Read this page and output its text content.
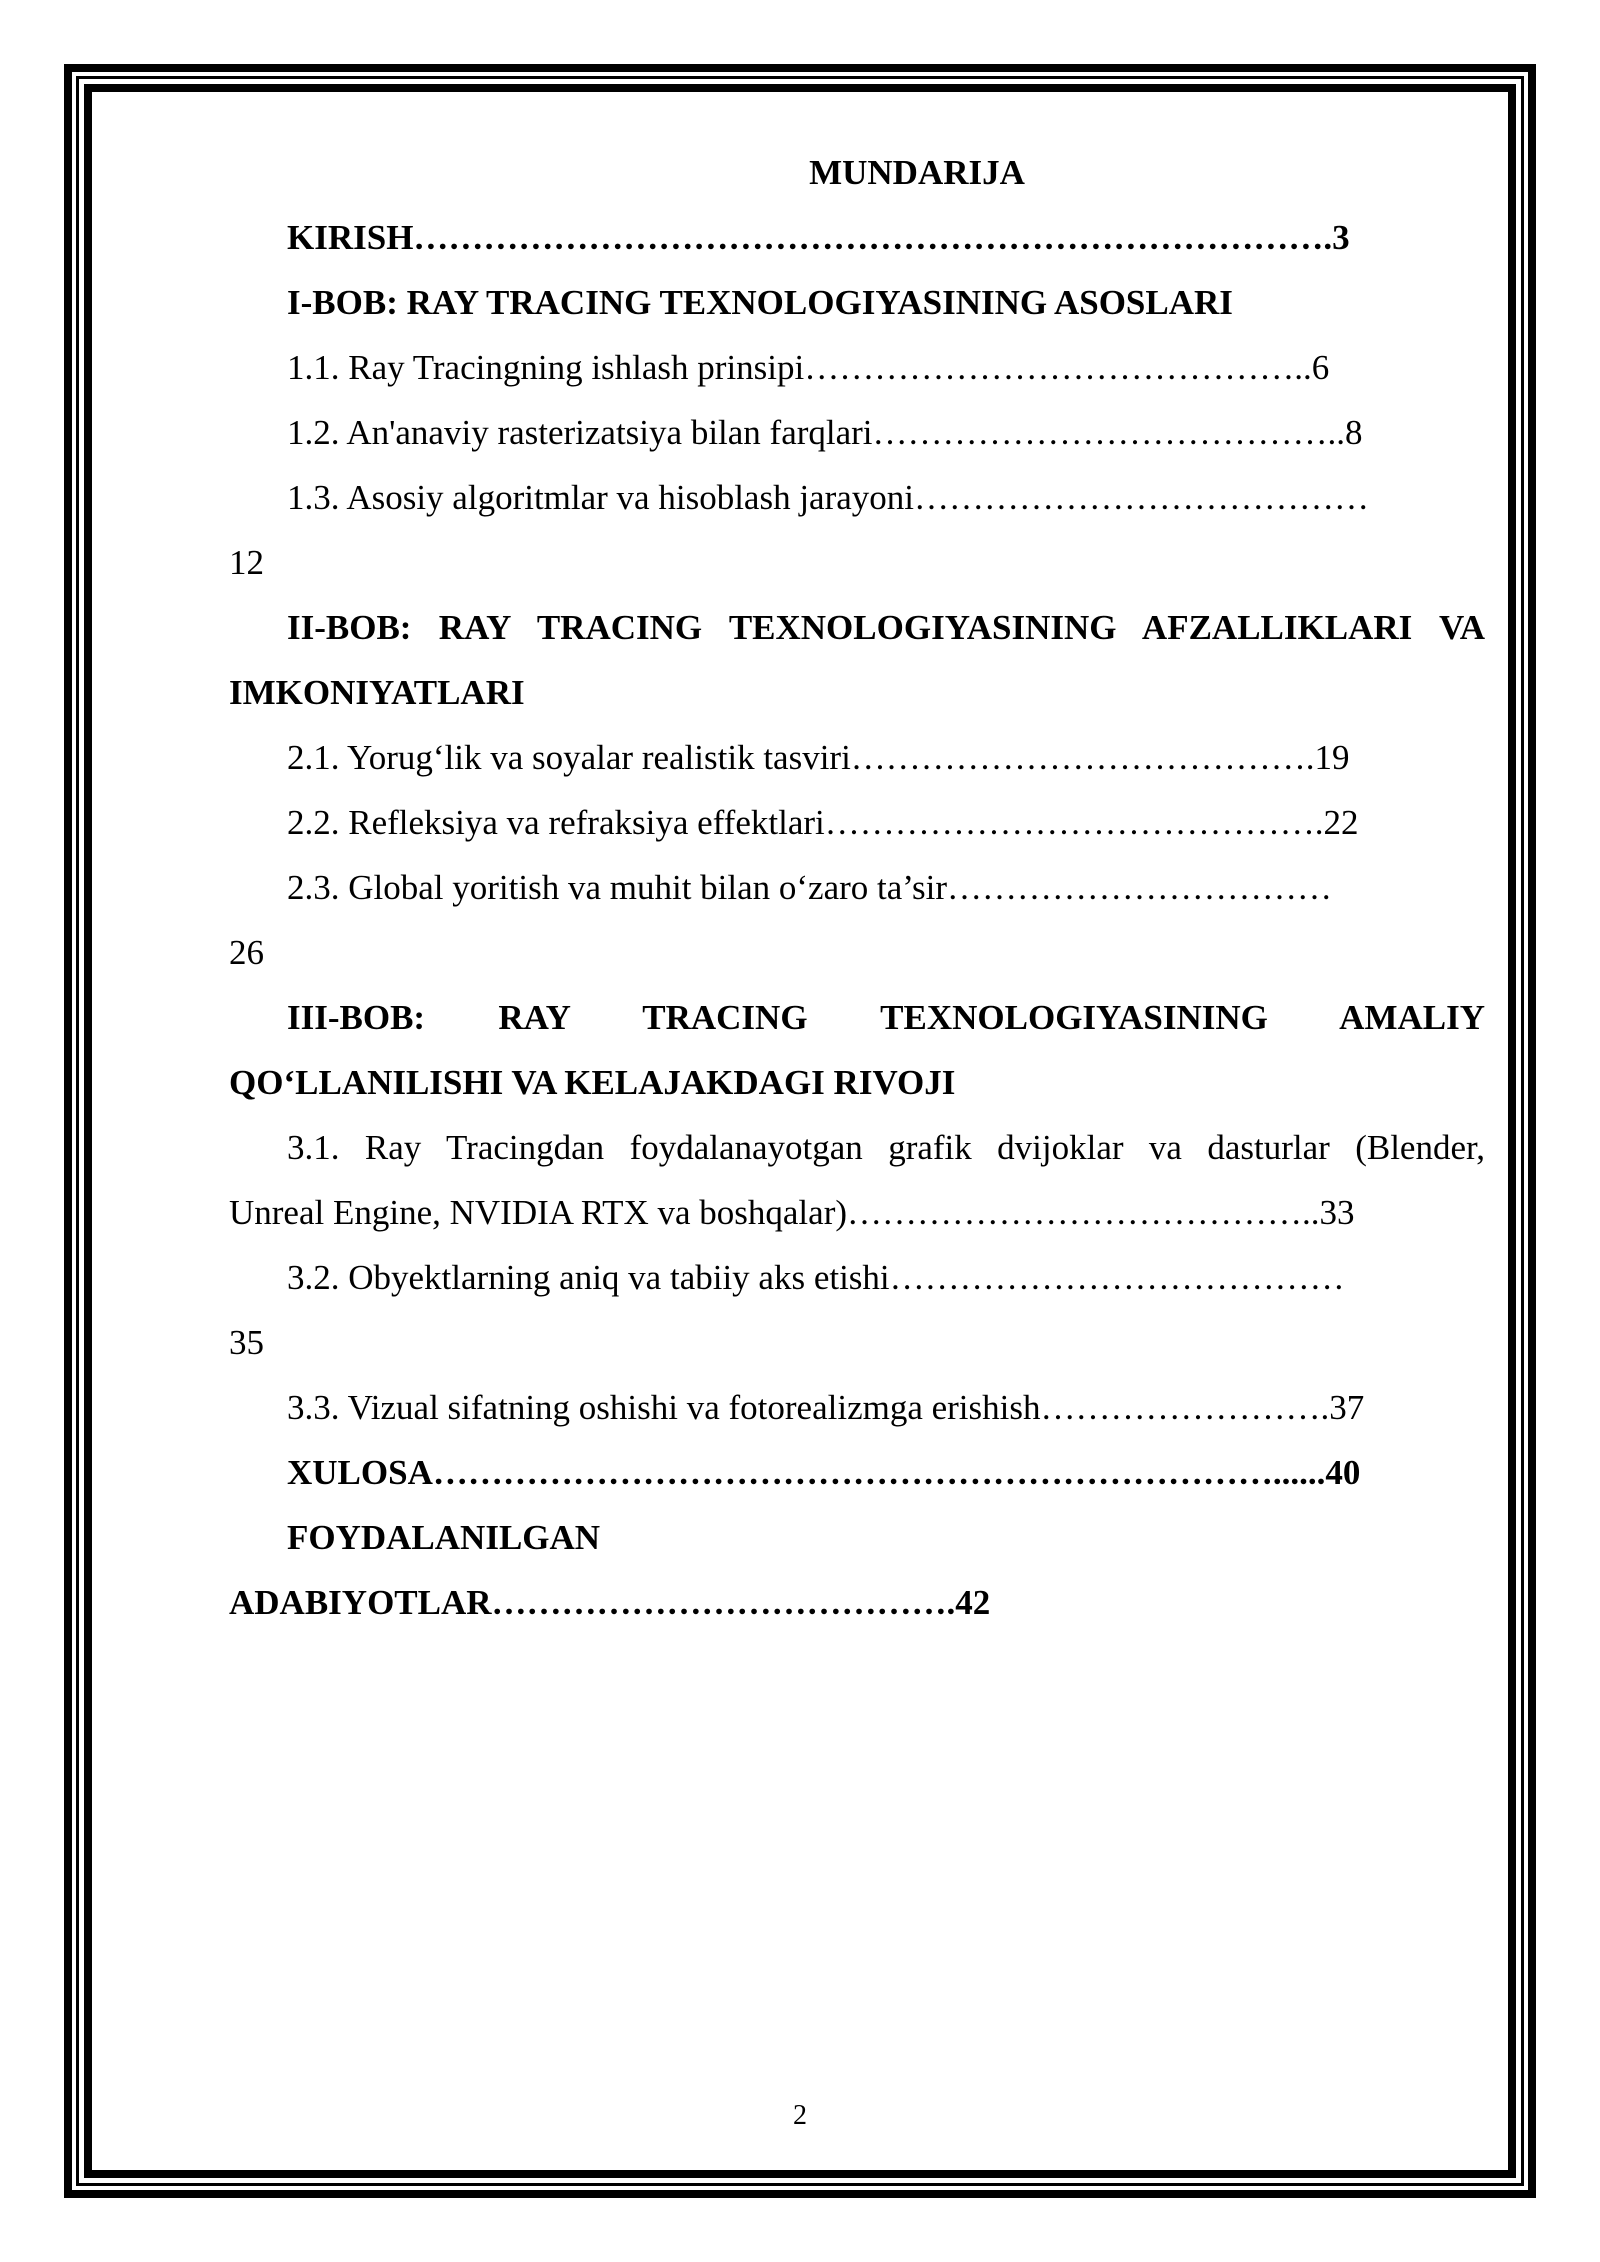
MUNDARIJA
KIRISH…………………………………………………………………….3
I-BOB: RAY TRACING TEXNOLOGIYASINING ASOSLARI
1.1. Ray Tracingning ishlash prinsipi……………………………………..6
1.2. An'anaviy rasterizatsiya bilan farqlari…………………………………..8
1.3. Asosiy algoritmlar va hisoblash jarayoni…………………………………
12
II-BOB: RAY TRACING TEXNOLOGIYASINING AFZALLIKLARI VA
IMKONIYATLARI
2.1. Yorug‘lik va soyalar realistik tasviri………………………………….19
2.2. Refleksiya va refraksiya effektlari…………………………………….22
2.3. Global yoritish va muhit bilan o‘zaro ta’sir……………………………
26
III-BOB: RAY TRACING TEXNOLOGIYASINING AMALIY
QO‘LLANILISHI VA KELAJAKDAGI RIVOJI
3.1. Ray Tracingdan foydalanayotgan grafik dvijoklar va dasturlar (Blender,
Unreal Engine, NVIDIA RTX va boshqalar)…………………………………..33
3.2. Obyektlarning aniq va tabiiy aks etishi…………………………………
35
3.3. Vizual sifatning oshishi va fotorealizmga erishish…………………….37
XULOSA………………………………………………………………......40
FOYDALANILGAN
ADABIYOTLAR………………………………….42
2
